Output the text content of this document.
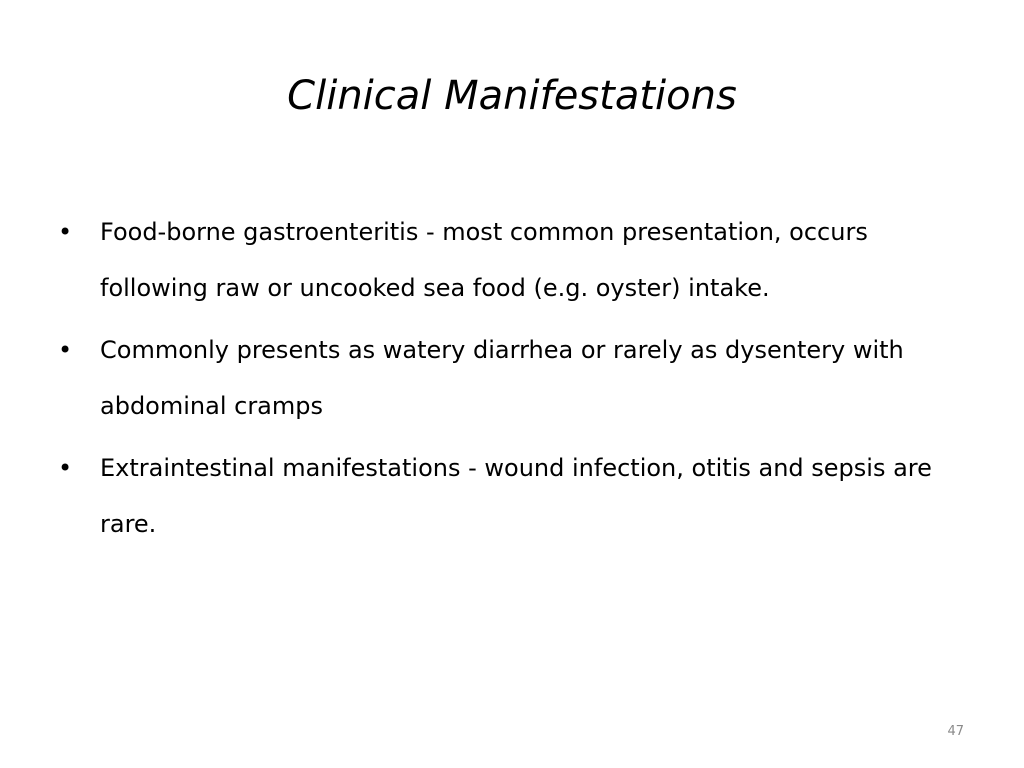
Clinical Manifestations
• Food-borne gastroenteritis - most common presentation, occurs following raw or uncooked sea food (e.g. oyster) intake.
• Commonly presents as watery diarrhea or rarely as dysentery with abdominal cramps
• Extraintestinal manifestations - wound infection, otitis and sepsis are rare.
47
